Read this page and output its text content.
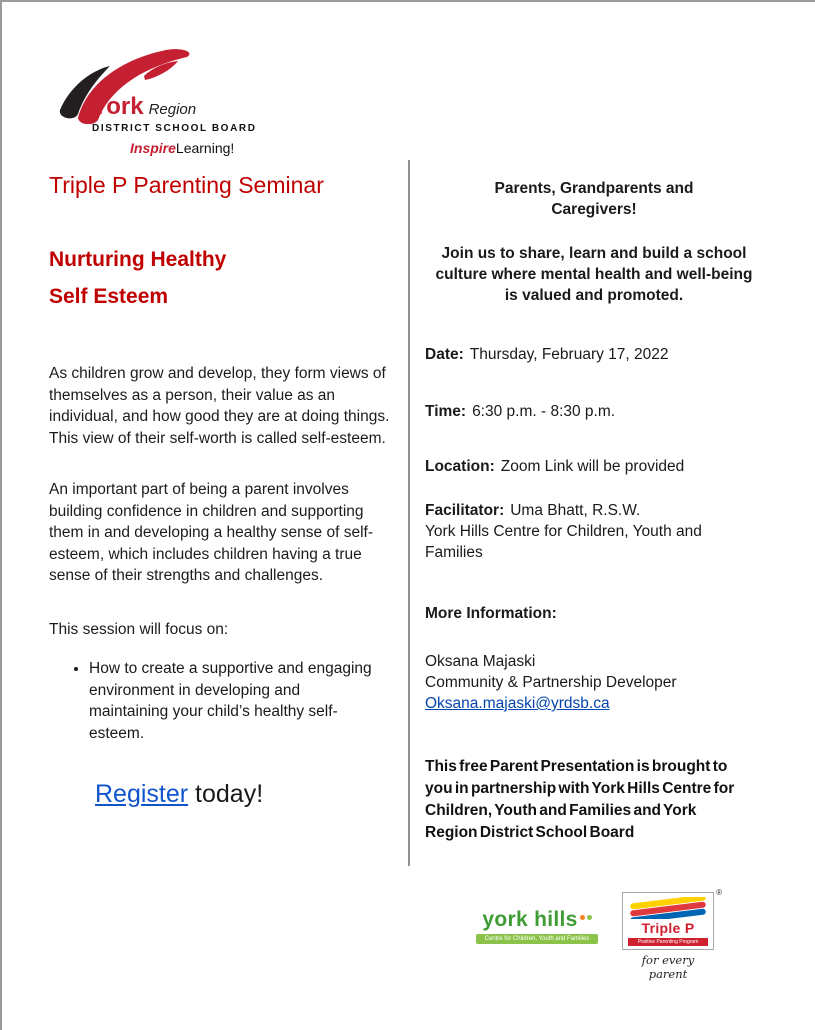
York Region
DISTRICT SCHOOL BOARD
InspireLearning!
Triple P Parenting Seminar
Nurturing Healthy
Self Esteem

As children grow and develop, they form views of themselves as a person, their value as an individual, and how good they are at doing things. This view of their self-worth is called self-esteem.

An important part of being a parent involves building confidence in children and supporting them in and developing a healthy sense of self-esteem, which includes children having a true sense of their strengths and challenges.

This session will focus on:

• How to create a supportive and engaging environment in developing and maintaining your child’s healthy self-esteem.

Register today!

Parents, Grandparents and Caregivers!

Join us to share, learn and build a school culture where mental health and well-being is valued and promoted.

Date: Thursday, February 17, 2022

Time: 6:30 p.m. - 8:30 p.m.

Location: Zoom Link will be provided

Facilitator: Uma Bhatt, R.S.W.
York Hills Centre for Children, Youth and Families

More Information:

Oksana Majaski
Community & Partnership Developer
Oksana.majaski@yrdsb.ca

This free Parent Presentation is brought to you in partnership with York Hills Centre for Children, Youth and Families and York Region District School Board

york hills
Centre for Children, Youth and Families
®
Triple P
Positive Parenting Program
for every parent
